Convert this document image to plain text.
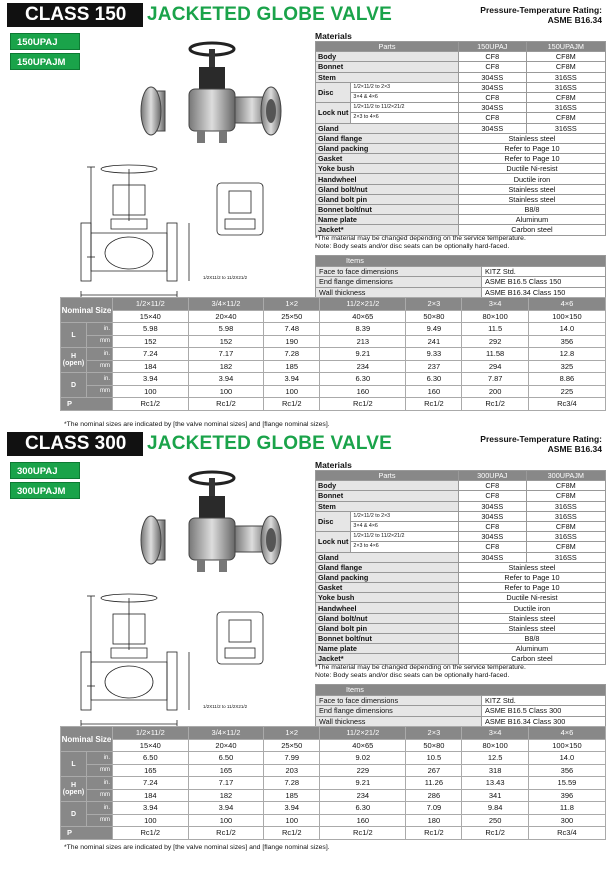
CLASS 150	JACKETED GLOBE VALVE	Pressure-Temperature Rating:
ASME B16.34
150UPAJ
150UPAJM
1/2X11/2 to 11/2X21/2
Materials
Parts		150UPAJ	150UPAJM
Body		CF8	CF8M
Bonnet		CF8	CF8M
Stem		304SS	316SS
Disc	1/2×11/2 to 2×3	304SS	316SS
	3×4 & 4×6	CF8	CF8M
Lock nut	1/2×11/2 to 11/2×21/2	304SS	316SS
	2×3 to 4×6	CF8	CF8M
Gland		304SS	316SS
Gland flange		Stainless steel	
Gland packing		Refer to Page 10	
Gasket		Refer to Page 10	
Yoke bush		Ductile Ni-resist	
Handwheel		Ductile iron	
Gland bolt/nut		Stainless steel	
Gland bolt pin		Stainless steel	
Bonnet bolt/nut		B8/8	
Name plate		Aluminum	
Jacket*		Carbon steel	
*The material may be changed depending on the service temperature.
Note: Body seats and/or disc seats can be optionally hard-faced.
Items	
Face to face dimensions	KITZ Std.
End flange dimensions	ASME B16.5 Class 150
Wall thickness	ASME B16.34 Class 150
Nominal Size		1/2×11/2	3/4×11/2	1×2	11/2×21/2	2×3	3×4	4×6
		15×40	20×40	25×50	40×65	50×80	80×100	100×150
L	in.	5.98	5.98	7.48	8.39	9.49	11.5	14.0
	mm	152	152	190	213	241	292	356
H (open)	in.	7.24	7.17	7.28	9.21	9.33	11.58	12.8
	mm	184	182	185	234	237	294	325
D	in.	3.94	3.94	3.94	6.30	6.30	7.87	8.86
	mm	100	100	100	160	160	200	225
P		Rc1/2	Rc1/2	Rc1/2	Rc1/2	Rc1/2	Rc1/2	Rc3/4
*The nominal sizes are indicated by [the valve nominal sizes] and [flange nominal sizes].
CLASS 300	JACKETED GLOBE VALVE	Pressure-Temperature Rating:
ASME B16.34
300UPAJ
300UPAJM
1/2X11/2 to 11/2X21/2
Materials
Parts		300UPAJ	300UPAJM
Body		CF8	CF8M
Bonnet		CF8	CF8M
Stem		304SS	316SS
Disc	1/2×11/2 to 2×3	304SS	316SS
	3×4 & 4×6	CF8	CF8M
Lock nut	1/2×11/2 to 11/2×21/2	304SS	316SS
	2×3 to 4×6	CF8	CF8M
Gland		304SS	316SS
Gland flange		Stainless steel	
Gland packing		Refer to Page 10	
Gasket		Refer to Page 10	
Yoke bush		Ductile Ni-resist	
Handwheel		Ductile iron	
Gland bolt/nut		Stainless steel	
Gland bolt pin		Stainless steel	
Bonnet bolt/nut		B8/8	
Name plate		Aluminum	
Jacket*		Carbon steel	
*The material may be changed depending on the service temperature.
Note: Body seats and/or disc seats can be optionally hard-faced.
Items	
Face to face dimensions	KITZ Std.
End flange dimensions	ASME B16.5 Class 300
Wall thickness	ASME B16.34 Class 300
Nominal Size		1/2×11/2	3/4×11/2	1×2	11/2×21/2	2×3	3×4	4×6
		15×40	20×40	25×50	40×65	50×80	80×100	100×150
L	in.	6.50	6.50	7.99	9.02	10.5	12.5	14.0
	mm	165	165	203	229	267	318	356
H (open)	in.	7.24	7.17	7.28	9.21	11.26	13.43	15.59
	mm	184	182	185	234	286	341	396
D	in.	3.94	3.94	3.94	6.30	7.09	9.84	11.8
	mm	100	100	100	160	180	250	300
P		Rc1/2	Rc1/2	Rc1/2	Rc1/2	Rc1/2	Rc1/2	Rc3/4
*The nominal sizes are indicated by [the valve nominal sizes] and [flange nominal sizes].
